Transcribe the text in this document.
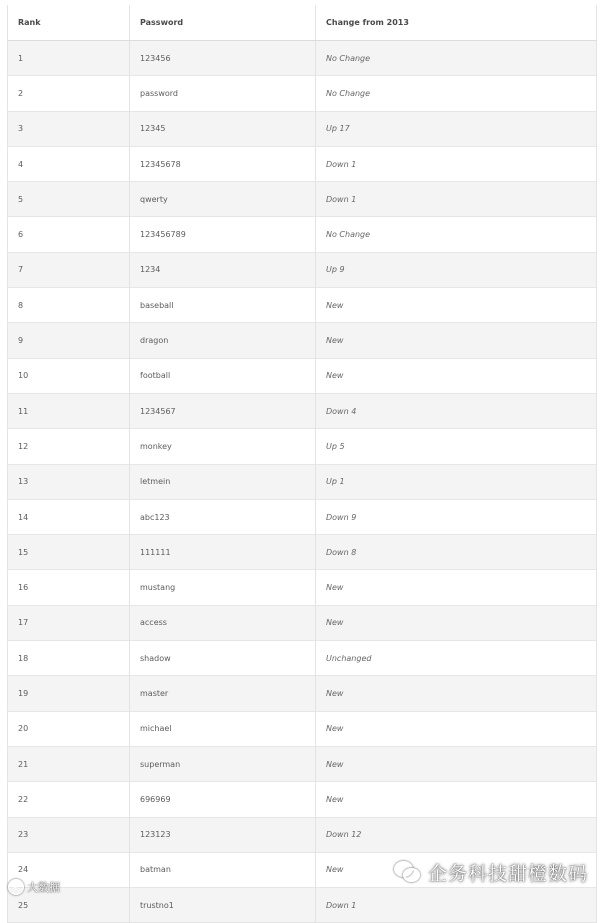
Rank	Password	Change from 2013
1	123456	No Change
2	password	No Change
3	12345	Up 17
4	12345678	Down 1
5	qwerty	Down 1
6	123456789	No Change
7	1234	Up 9
8	baseball	New
9	dragon	New
10	football	New
11	1234567	Down 4
12	monkey	Up 5
13	letmein	Up 1
14	abc123	Down 9
15	111111	Down 8
16	mustang	New
17	access	New
18	shadow	Unchanged
19	master	New
20	michael	New
21	superman	New
22	696969	New
23	123123	Down 12
24	batman	New
25	trustno1	Down 1
大数据
企务科技甜橙数码
